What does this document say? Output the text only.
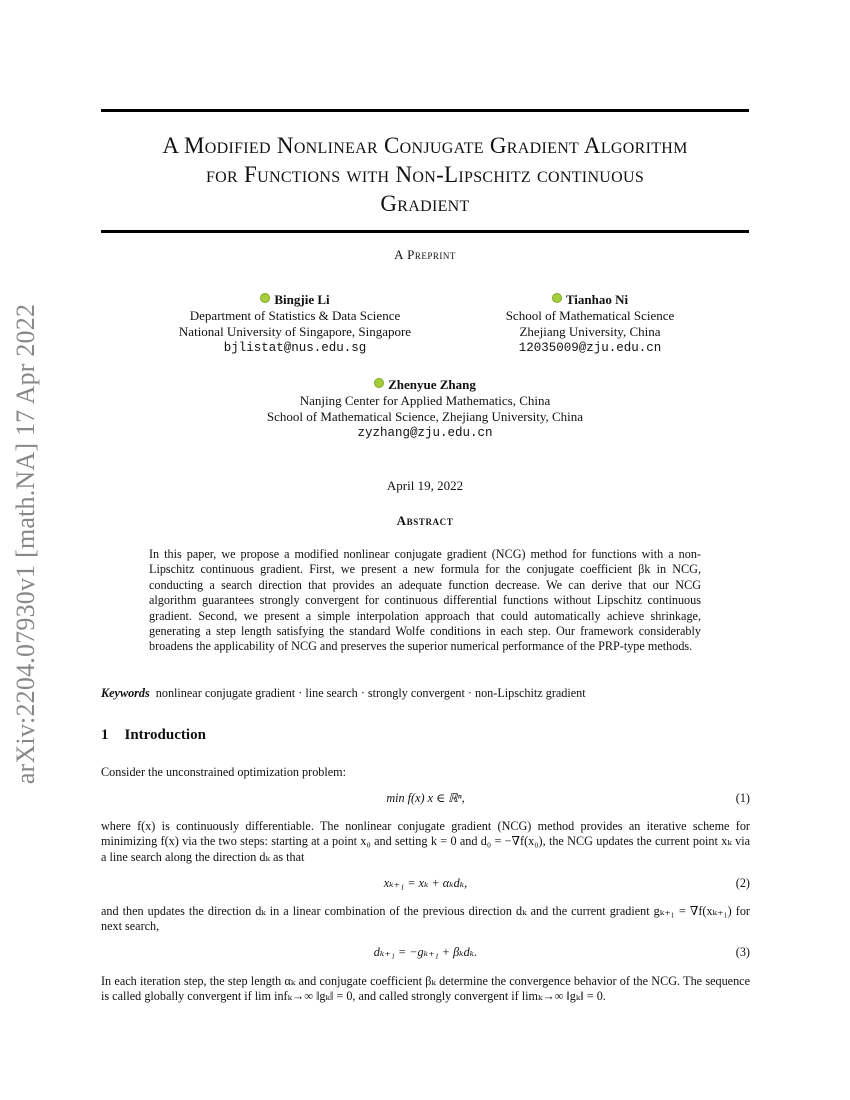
arXiv:2204.07930v1 [math.NA] 17 Apr 2022
A Modified Nonlinear Conjugate Gradient Algorithm
for Functions with Non-Lipschitz continuous
Gradient
A Preprint
Bingjie Li
Department of Statistics & Data Science
National University of Singapore, Singapore
bjlistat@nus.edu.sg
Tianhao Ni
School of Mathematical Science
Zhejiang University, China
12035009@zju.edu.cn
Zhenyue Zhang
Nanjing Center for Applied Mathematics, China
School of Mathematical Science, Zhejiang University, China
zyzhang@zju.edu.cn
April 19, 2022
Abstract
In this paper, we propose a modified nonlinear conjugate gradient (NCG) method for functions with a non-Lipschitz continuous gradient. First, we present a new formula for the conjugate coefficient βk in NCG, conducting a search direction that provides an adequate function decrease. We can derive that our NCG algorithm guarantees strongly convergent for continuous differential functions without Lipschitz continuous gradient. Second, we present a simple interpolation approach that could automatically achieve shrinkage, generating a step length satisfying the standard Wolfe conditions in each step. Our framework considerably broadens the applicability of NCG and preserves the superior numerical performance of the PRP-type methods.
Keywords nonlinear conjugate gradient · line search · strongly convergent · non-Lipschitz gradient
1 Introduction
Consider the unconstrained optimization problem:
min f(x) x ∈ ℝⁿ,	(1)
where f(x) is continuously differentiable. The nonlinear conjugate gradient (NCG) method provides an iterative scheme for minimizing f(x) via the two steps: starting at a point x₀ and setting k = 0 and d₀ = −∇f(x₀), the NCG updates the current point xₖ via a line search along the direction dₖ as that
xₖ₊₁ = xₖ + αₖdₖ,	(2)
and then updates the direction dₖ in a linear combination of the previous direction dₖ and the current gradient gₖ₊₁ = ∇f(xₖ₊₁) for next search,
dₖ₊₁ = −gₖ₊₁ + βₖdₖ.	(3)
In each iteration step, the step length αₖ and conjugate coefficient βₖ determine the convergence behavior of the NCG. The sequence is called globally convergent if lim infₖ→∞ ‖gₖ‖ = 0, and called strongly convergent if limₖ→∞ ‖gₖ‖ = 0.
